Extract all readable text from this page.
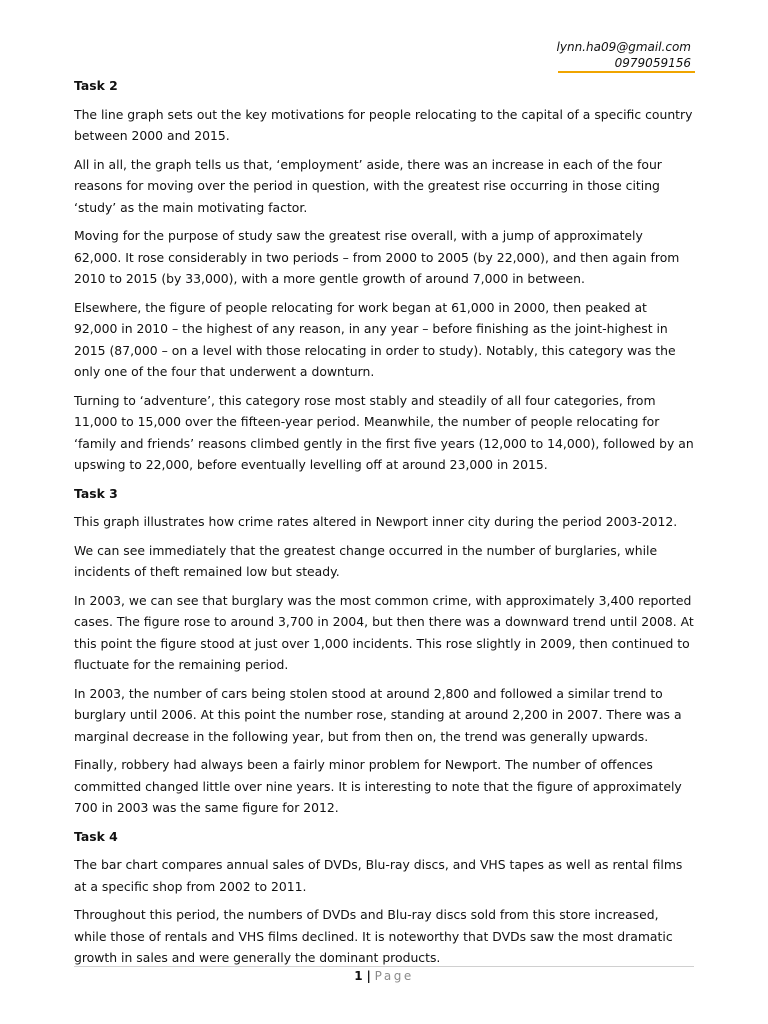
lynn.ha09@gmail.com
0979059156
Task 2

The line graph sets out the key motivations for people relocating to the capital of a specific country between 2000 and 2015.

All in all, the graph tells us that, ‘employment’ aside, there was an increase in each of the four reasons for moving over the period in question, with the greatest rise occurring in those citing ‘study’ as the main motivating factor.

Moving for the purpose of study saw the greatest rise overall, with a jump of approximately 62,000. It rose considerably in two periods – from 2000 to 2005 (by 22,000), and then again from 2010 to 2015 (by 33,000), with a more gentle growth of around 7,000 in between.

Elsewhere, the figure of people relocating for work began at 61,000 in 2000, then peaked at 92,000 in 2010 – the highest of any reason, in any year – before finishing as the joint-highest in 2015 (87,000 – on a level with those relocating in order to study). Notably, this category was the only one of the four that underwent a downturn.

Turning to ‘adventure’, this category rose most stably and steadily of all four categories, from 11,000 to 15,000 over the fifteen-year period. Meanwhile, the number of people relocating for ‘family and friends’ reasons climbed gently in the first five years (12,000 to 14,000), followed by an upswing to 22,000, before eventually levelling off at around 23,000 in 2015.

Task 3

This graph illustrates how crime rates altered in Newport inner city during the period 2003-2012.

We can see immediately that the greatest change occurred in the number of burglaries, while incidents of theft remained low but steady.

In 2003, we can see that burglary was the most common crime, with approximately 3,400 reported cases. The figure rose to around 3,700 in 2004, but then there was a downward trend until 2008. At this point the figure stood at just over 1,000 incidents. This rose slightly in 2009, then continued to fluctuate for the remaining period.

In 2003, the number of cars being stolen stood at around 2,800 and followed a similar trend to burglary until 2006. At this point the number rose, standing at around 2,200 in 2007. There was a marginal decrease in the following year, but from then on, the trend was generally upwards.

Finally, robbery had always been a fairly minor problem for Newport. The number of offences committed changed little over nine years. It is interesting to note that the figure of approximately 700 in 2003 was the same figure for 2012.

Task 4

The bar chart compares annual sales of DVDs, Blu-ray discs, and VHS tapes as well as rental films at a specific shop from 2002 to 2011.

Throughout this period, the numbers of DVDs and Blu-ray discs sold from this store increased, while those of rentals and VHS films declined. It is noteworthy that DVDs saw the most dramatic growth in sales and were generally the dominant products.

1 | Page
